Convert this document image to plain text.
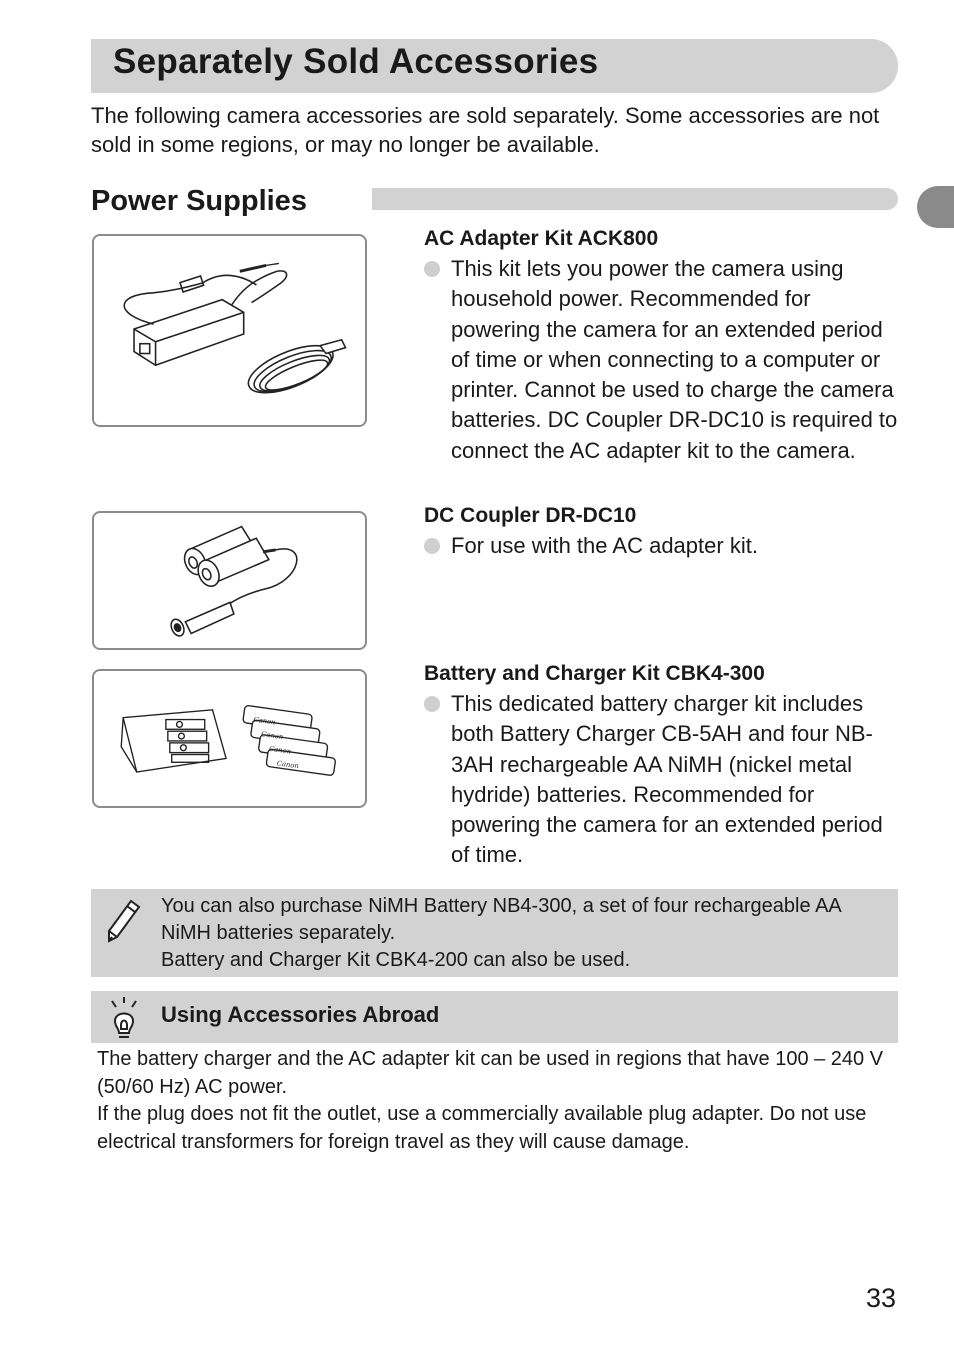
Separately Sold Accessories
The following camera accessories are sold separately. Some accessories are not sold in some regions, or may no longer be available.
Power Supplies
AC Adapter Kit ACK800
This kit lets you power the camera using household power. Recommended for powering the camera for an extended period of time or when connecting to a computer or printer. Cannot be used to charge the camera batteries. DC Coupler DR-DC10 is required to connect the AC adapter kit to the camera.
DC Coupler DR-DC10
For use with the AC adapter kit.
Canon
Canon
Canon
Canon
Battery and Charger Kit CBK4-300
This dedicated battery charger kit includes both Battery Charger CB-5AH and four NB-3AH rechargeable AA NiMH (nickel metal hydride) batteries. Recommended for powering the camera for an extended period of time.
You can also purchase NiMH Battery NB4-300, a set of four rechargeable AA NiMH batteries separately.
Battery and Charger Kit CBK4-200 can also be used.
Using Accessories Abroad
The battery charger and the AC adapter kit can be used in regions that have 100 – 240 V (50/60 Hz) AC power.
If the plug does not fit the outlet, use a commercially available plug adapter. Do not use electrical transformers for foreign travel as they will cause damage.
33
